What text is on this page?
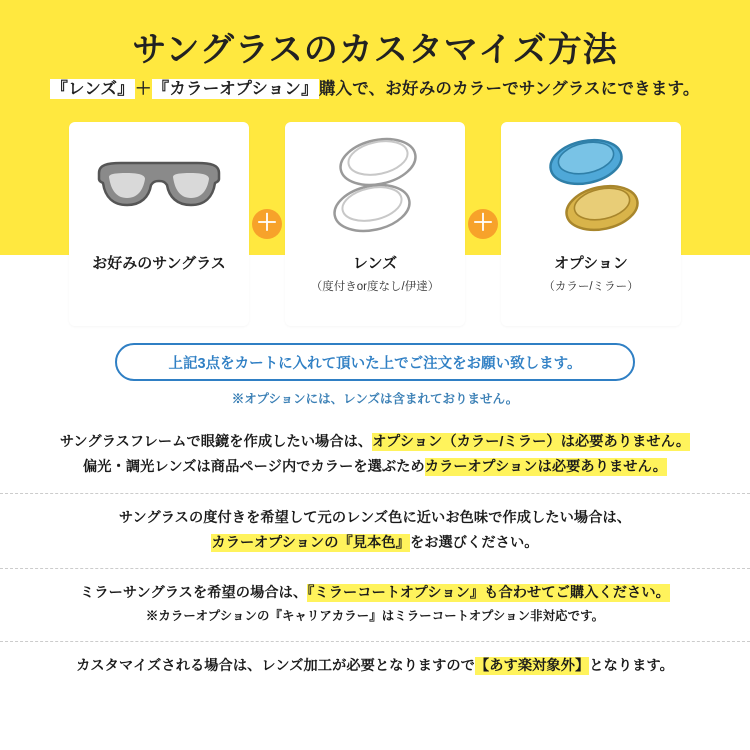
サングラスのカスタマイズ方法
『レンズ』＋『カラーオプション』購入で、お好みのカラーでサングラスにできます。
お好みのサングラス
＋
レンズ
（度付きor度なし/伊達）
＋
オプション
（カラー/ミラー）
上記3点をカートに入れて頂いた上でご注文をお願い致します。
※オプションには、レンズは含まれておりません。
サングラスフレームで眼鏡を作成したい場合は、オプション（カラー/ミラー）は必要ありません。
偏光・調光レンズは商品ページ内でカラーを選ぶためカラーオプションは必要ありません。
サングラスの度付きを希望して元のレンズ色に近いお色味で作成したい場合は、
カラーオプションの『見本色』をお選びください。
ミラーサングラスを希望の場合は、『ミラーコートオプション』も合わせてご購入ください。
※カラーオプションの『キャリアカラー』はミラーコートオプション非対応です。
カスタマイズされる場合は、レンズ加工が必要となりますので【あす楽対象外】となります。
